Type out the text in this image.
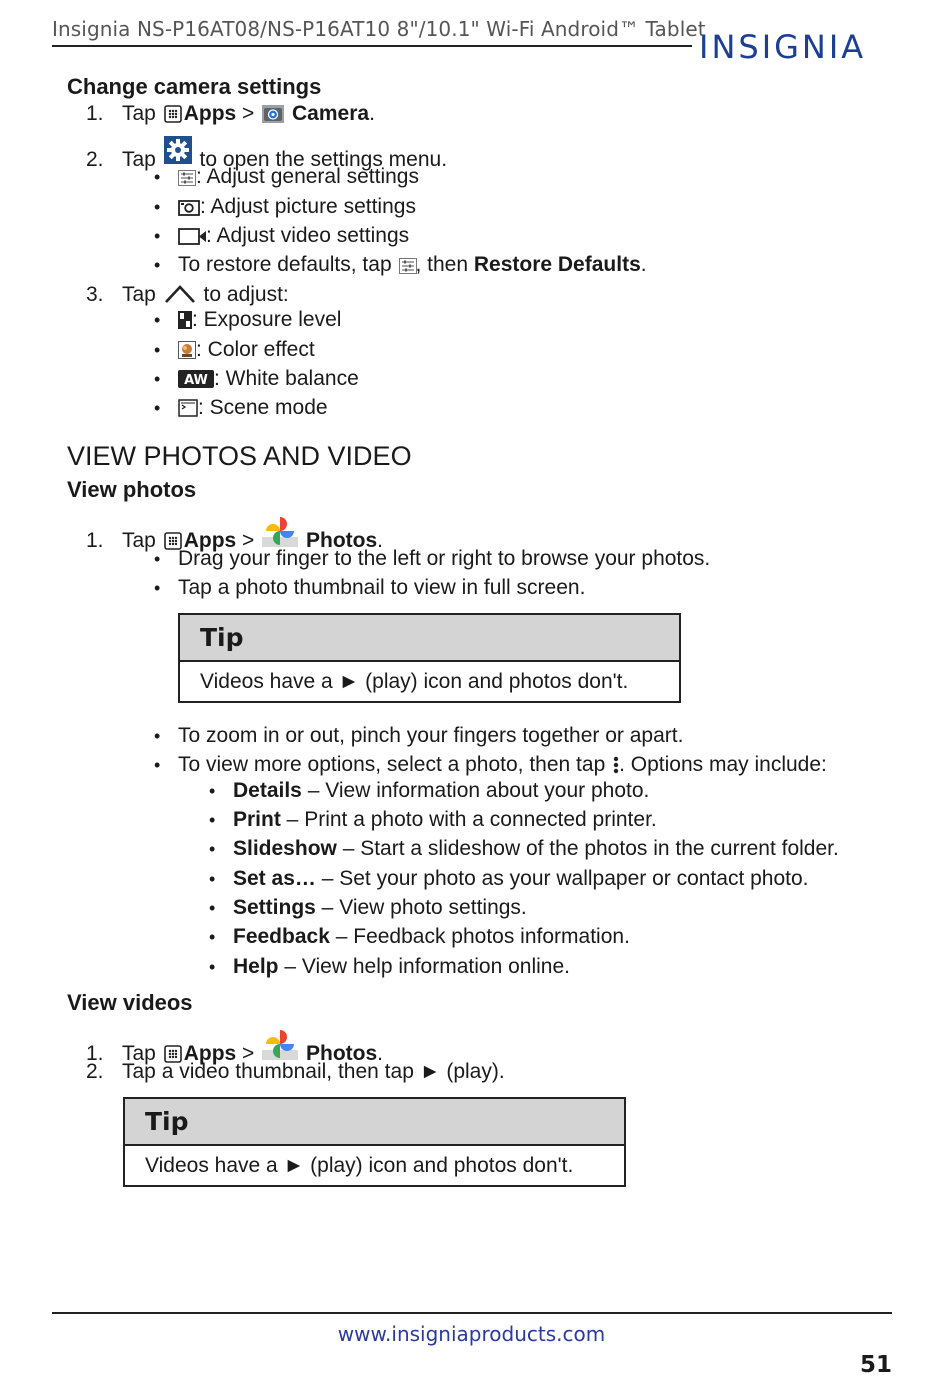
Insignia NS-P16AT08/NS-P16AT10 8"/10.1" Wi-Fi Android™ Tablet
INSIGNIA
Change camera settings
1. Tap Apps > Camera.
2. Tap to open the settings menu.
• : Adjust general settings
• : Adjust picture settings
• : Adjust video settings
• To restore defaults, tap , then Restore Defaults.
3. Tap to adjust:
• : Exposure level
• : Color effect
• AW : White balance
• : Scene mode
VIEW PHOTOS AND VIDEO
View photos
1. Tap Apps > Photos.
• Drag your finger to the left or right to browse your photos.
• Tap a photo thumbnail to view in full screen.
Tip
Videos have a ► (play) icon and photos don't.
• To zoom in or out, pinch your fingers together or apart.
• To view more options, select a photo, then tap . Options may include:
• Details – View information about your photo.
• Print – Print a photo with a connected printer.
• Slideshow – Start a slideshow of the photos in the current folder.
• Set as… – Set your photo as your wallpaper or contact photo.
• Settings – View photo settings.
• Feedback – Feedback photos information.
• Help – View help information online.
View videos
1. Tap Apps > Photos.
2. Tap a video thumbnail, then tap ► (play).
Tip
Videos have a ► (play) icon and photos don't.
www.insigniaproducts.com
51
